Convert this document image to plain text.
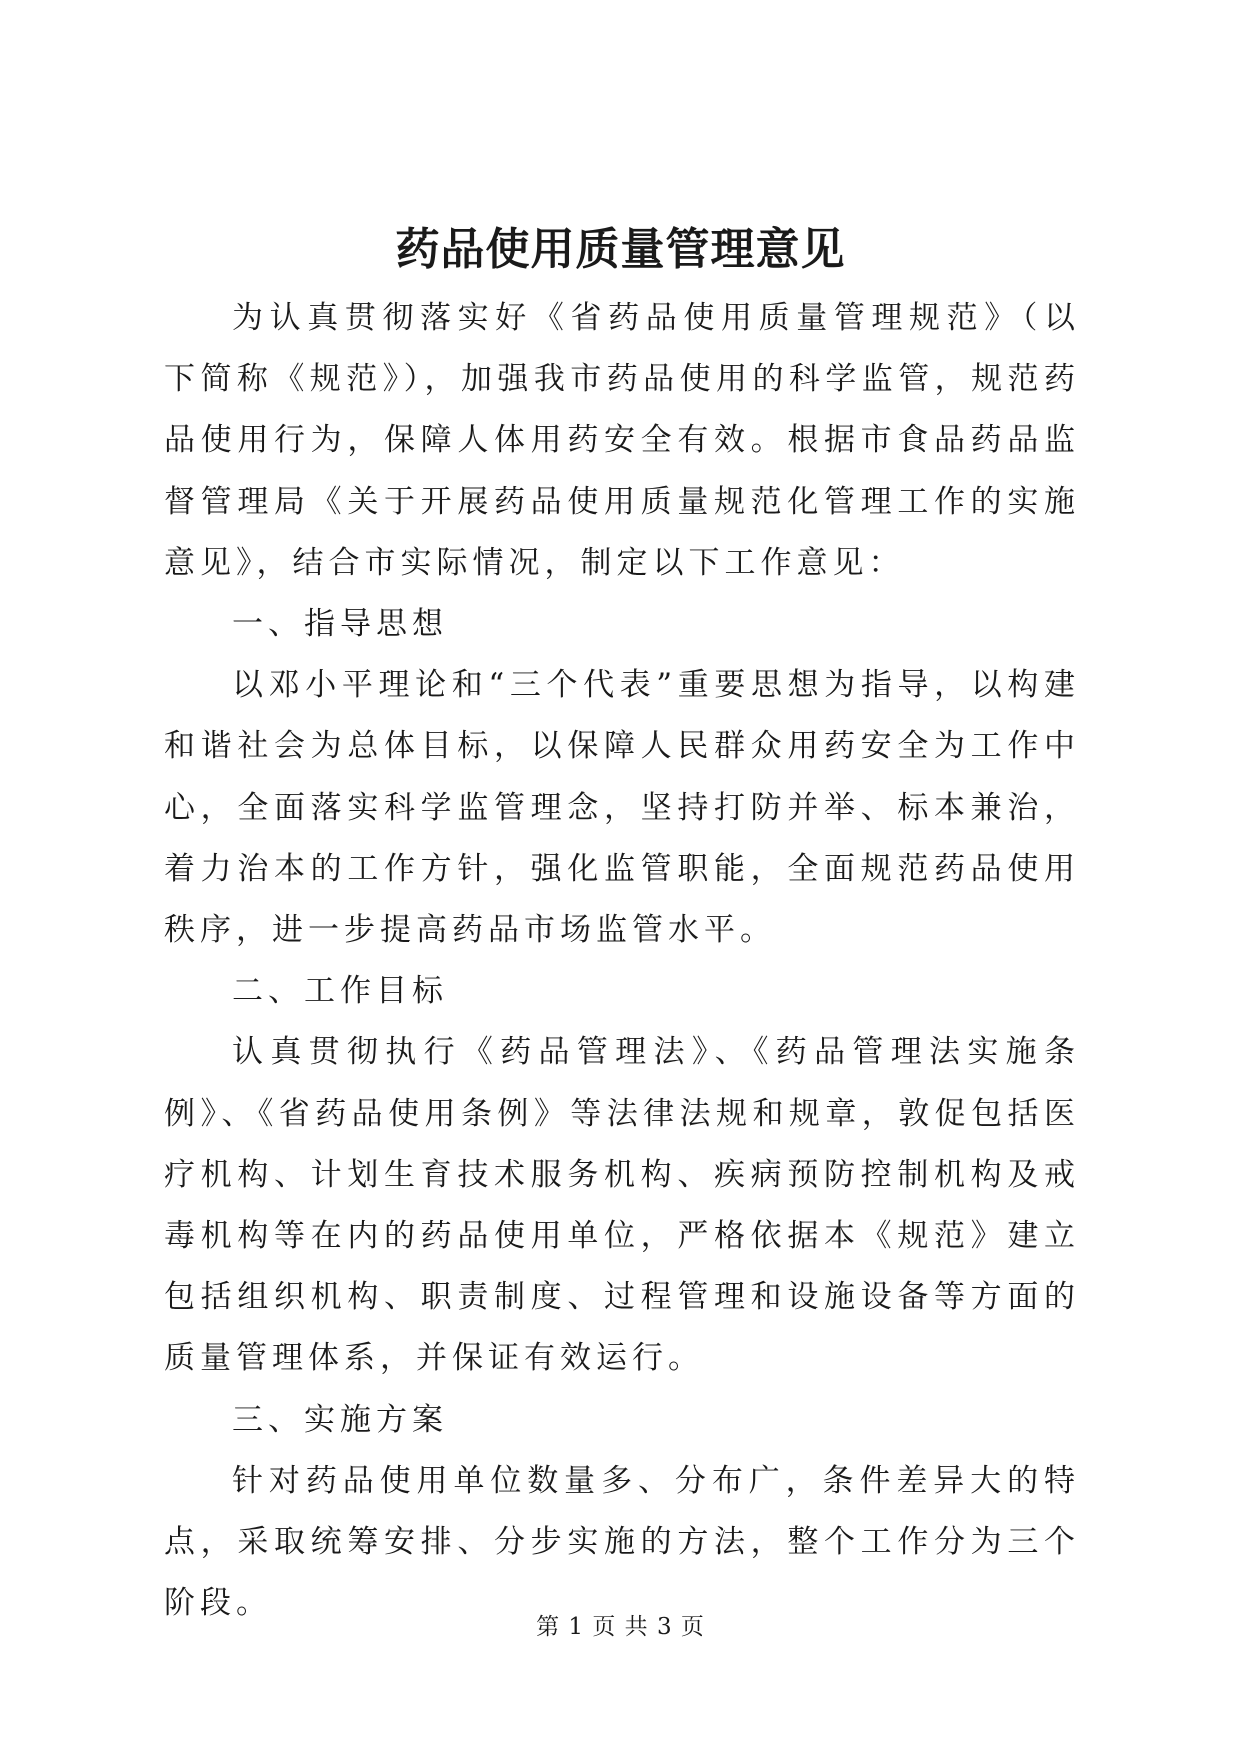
药品使用质量管理意见

为认真贯彻落实好《省药品使用质量管理规范》（以下简称《规范》），加强我市药品使用的科学监管，规范药品使用行为，保障人体用药安全有效。根据市食品药品监督管理局《关于开展药品使用质量规范化管理工作的实施意见》，结合市实际情况，制定以下工作意见：

一、指导思想

以邓小平理论和“三个代表”重要思想为指导，以构建和谐社会为总体目标，以保障人民群众用药安全为工作中心，全面落实科学监管理念，坚持打防并举、标本兼治，着力治本的工作方针，强化监管职能，全面规范药品使用秩序，进一步提高药品市场监管水平。

二、工作目标

认真贯彻执行《药品管理法》、《药品管理法实施条例》、《省药品使用条例》等法律法规和规章，敦促包括医疗机构、计划生育技术服务机构、疾病预防控制机构及戒毒机构等在内的药品使用单位，严格依据本《规范》建立包括组织机构、职责制度、过程管理和设施设备等方面的质量管理体系，并保证有效运行。

三、实施方案

针对药品使用单位数量多、分布广，条件差异大的特点，采取统筹安排、分步实施的方法，整个工作分为三个阶段。

第 1 页 共 3 页
